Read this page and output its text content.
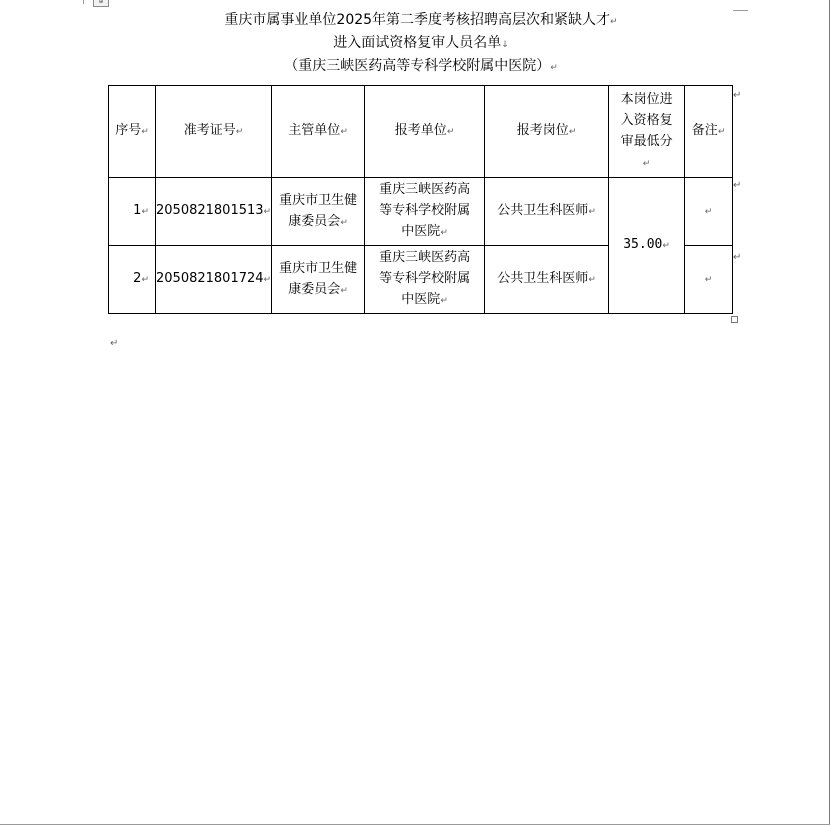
⊕
重庆市属事业单位2025年第二季度考核招聘高层次和紧缺人才↵
进入面试资格复审人员名单↓
（重庆三峡医药高等专科学校附属中医院）↵
序号↵	准考证号↵	主管单位↵	报考单位↵	报考岗位↵	本岗位进入资格复审最低分↵	备注↵
1↵	2050821801513↵	重庆市卫生健康委员会↵	重庆三峡医药高等专科学校附属中医院↵	公共卫生科医师↵	35.00↵	↵
2↵	2050821801724↵	重庆市卫生健康委员会↵	重庆三峡医药高等专科学校附属中医院↵	公共卫生科医师↵		↵
↵
↵
↵
↵
